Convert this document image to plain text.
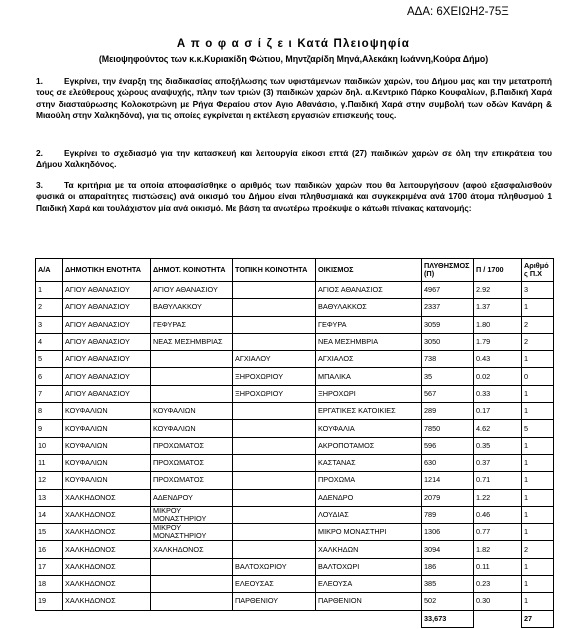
ΑΔΑ: 6ΧΕΙΩΗ2-75Ξ
Α π ο φ α σ ί ζ ε ι Κατά Πλειοψηφία
(Μειοψηφούντος των κ.κ.Κυριακίδη Φώτιου, Μηντζαρίδη Μηνά,Αλεκάκη Ιωάννη,Κούρα Δήμο)
1.	Εγκρίνει, την έναρξη της διαδικασίας αποξήλωσης των υφιστάμενων παιδικών χαρών, του Δήμου μας και την μετατροπή τους σε ελεύθερους χώρους αναψυχής, πλην των τριών (3) παιδικών χαρών δηλ. α.Κεντρικό Πάρκο Κουφαλίων, β.Παιδική Χαρά στην διασταύρωσης Κολοκοτρώνη με Ρήγα Φεραίου στον Αγιο Αθανάσιο, γ.Παιδική Χαρά στην συμβολή των οδών Κανάρη & Μιαούλη στην Χαλκηδόνα), για τις οποίες εγκρίνεται η εκτέλεση εργασιών επισκευής τους.
2.	Εγκρίνει το σχεδιασμό για την κατασκευή και λειτουργία είκοσι επτά (27) παιδικών χαρών σε όλη την επικράτεια του Δήμου Χαλκηδόνος.
3.	Τα κριτήρια με τα οποία αποφασίσθηκε ο αριθμός των παιδικών χαρών που θα λειτουργήσουν (αφού εξασφαλισθούν φυσικά οι απαραίτητες πιστώσεις) ανά οικισμό του Δήμου είναι πληθυσμιακά και συγκεκριμένα ανά 1700 άτομα πληθυσμού 1 Παιδική Χαρά και τουλάχιστον μία ανά οικισμό. Με βάση τα ανωτέρω προέκυψε ο κάτωθι πίνακας κατανομής:
Α/Α	ΔΗΜΟΤΙΚΗ ΕΝΟΤΗΤΑ	ΔΗΜΟΤ. ΚΟΙΝΟΤΗΤΑ	ΤΟΠΙΚΗ ΚΟΙΝΟΤΗΤΑ	ΟΙΚΙΣΜΟΣ	ΠΛΥΘΗΣΜΟΣ (Π)	Π / 1700	Αριθμό ς Π.Χ
1	ΑΓΙΟΥ ΑΘΑΝΑΣΙΟΥ	ΑΓΙΟΥ ΑΘΑΝΑΣΙΟΥ		ΑΓΙΟΣ ΑΘΑΝΑΣΙΟΣ	4967	2.92	3
2	ΑΓΙΟΥ ΑΘΑΝΑΣΙΟΥ	ΒΑΘΥΛΑΚΚΟΥ		ΒΑΘΥΛΑΚΚΟΣ	2337	1.37	1
3	ΑΓΙΟΥ ΑΘΑΝΑΣΙΟΥ	ΓΕΦΥΡΑΣ		ΓΕΦΥΡΑ	3059	1.80	2
4	ΑΓΙΟΥ ΑΘΑΝΑΣΙΟΥ	ΝΕΑΣ ΜΕΣΗΜΒΡΙΑΣ		ΝΕΑ ΜΕΣΗΜΒΡΙΑ	3050	1.79	2
5	ΑΓΙΟΥ ΑΘΑΝΑΣΙΟΥ		ΑΓΧΙΑΛΟΥ	ΑΓΧΙΑΛΟΣ	738	0.43	1
6	ΑΓΙΟΥ ΑΘΑΝΑΣΙΟΥ		ΞΗΡΟΧΩΡΙΟΥ	ΜΠΑΛΙΚΑ	35	0.02	0
7	ΑΓΙΟΥ ΑΘΑΝΑΣΙΟΥ		ΞΗΡΟΧΩΡΙΟΥ	ΞΗΡΟΧΩΡΙ	567	0.33	1
8	ΚΟΥΦΑΛΙΩΝ	ΚΟΥΦΑΛΙΩΝ		ΕΡΓΑΤΙΚΕΣ ΚΑΤΟΙΚΙΕΣ	289	0.17	1
9	ΚΟΥΦΑΛΙΩΝ	ΚΟΥΦΑΛΙΩΝ		ΚΟΥΦΑΛΙΑ	7850	4.62	5
10	ΚΟΥΦΑΛΙΩΝ	ΠΡΟΧΩΜΑΤΟΣ		ΑΚΡΟΠΟΤΑΜΟΣ	596	0.35	1
11	ΚΟΥΦΑΛΙΩΝ	ΠΡΟΧΩΜΑΤΟΣ		ΚΑΣΤΑΝΑΣ	630	0.37	1
12	ΚΟΥΦΑΛΙΩΝ	ΠΡΟΧΩΜΑΤΟΣ		ΠΡΟΧΩΜΑ	1214	0.71	1
13	ΧΑΛΚΗΔΟΝΟΣ	ΑΔΕΝΔΡΟΥ		ΑΔΕΝΔΡΟ	2079	1.22	1
14	ΧΑΛΚΗΔΟΝΟΣ	ΜΙΚΡΟΥ ΜΟΝΑΣΤΗΡΙΟΥ		ΛΟΥΔΙΑΣ	789	0.46	1
15	ΧΑΛΚΗΔΟΝΟΣ	ΜΙΚΡΟΥ ΜΟΝΑΣΤΗΡΙΟΥ		ΜΙΚΡΟ ΜΟΝΑΣΤΗΡΙ	1306	0.77	1
16	ΧΑΛΚΗΔΟΝΟΣ	ΧΑΛΚΗΔΟΝΟΣ		ΧΑΛΚΗΔΩΝ	3094	1.82	2
17	ΧΑΛΚΗΔΟΝΟΣ		ΒΑΛΤΟΧΩΡΙΟΥ	ΒΑΛΤΟΧΩΡΙ	186	0.11	1
18	ΧΑΛΚΗΔΟΝΟΣ		ΕΛΕΟΥΣΑΣ	ΕΛΕΟΥΣΑ	385	0.23	1
19	ΧΑΛΚΗΔΟΝΟΣ		ΠΑΡΘΕΝΙΟΥ	ΠΑΡΘΕΝΙΟΝ	502	0.30	1
					33,673		27
